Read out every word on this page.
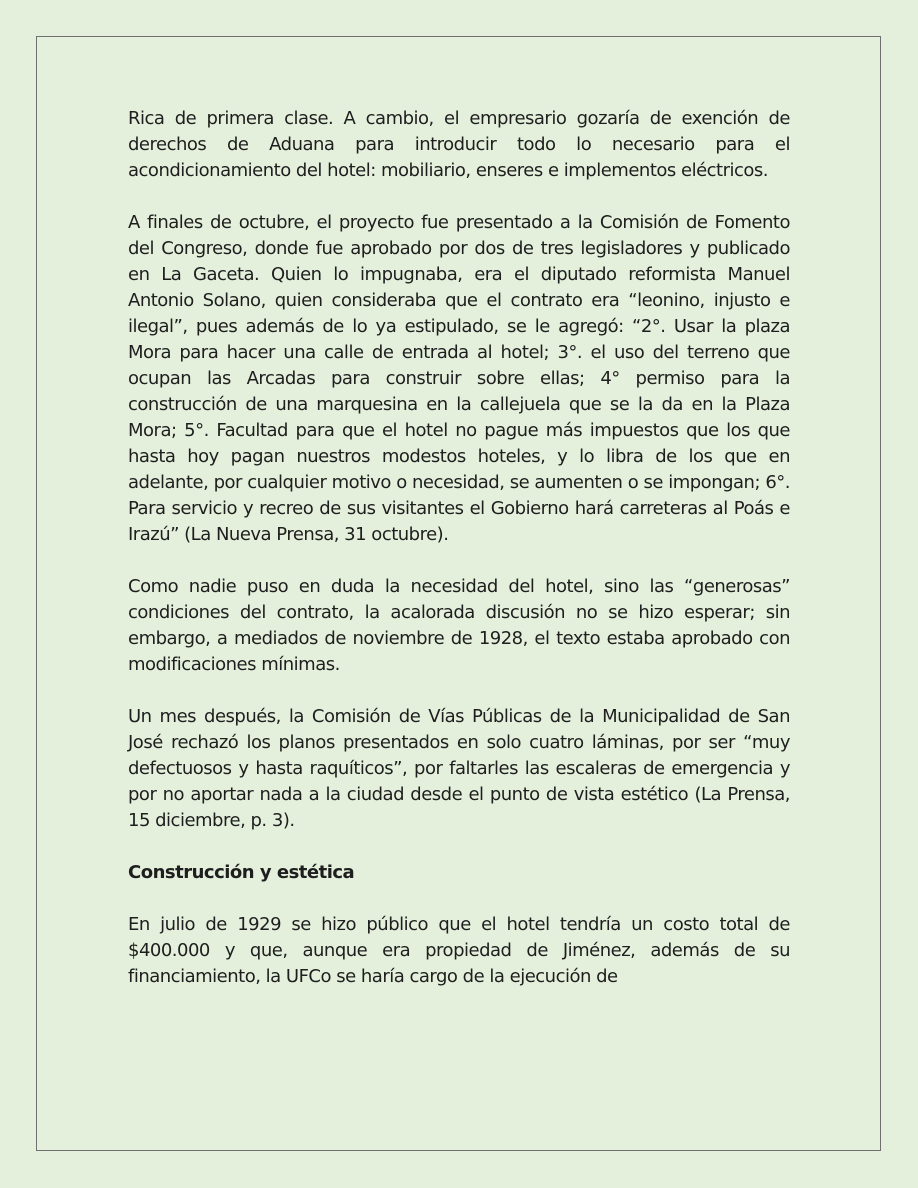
Rica de primera clase. A cambio, el empresario gozaría de exención de derechos de Aduana para introducir todo lo necesario para el acondicionamiento del hotel: mobiliario, enseres e implementos eléctricos.

A finales de octubre, el proyecto fue presentado a la Comisión de Fomento del Congreso, donde fue aprobado por dos de tres legisladores y publicado en La Gaceta. Quien lo impugnaba, era el diputado reformista Manuel Antonio Solano, quien consideraba que el contrato era “leonino, injusto e ilegal”, pues además de lo ya estipulado, se le agregó: “2°. Usar la plaza Mora para hacer una calle de entrada al hotel; 3°. el uso del terreno que ocupan las Arcadas para construir sobre ellas; 4° permiso para la construcción de una marquesina en la callejuela que se la da en la Plaza Mora; 5°. Facultad para que el hotel no pague más impuestos que los que hasta hoy pagan nuestros modestos hoteles, y lo libra de los que en adelante, por cualquier motivo o necesidad, se aumenten o se impongan; 6°. Para servicio y recreo de sus visitantes el Gobierno hará carreteras al Poás e Irazú” (La Nueva Prensa, 31 octubre).

Como nadie puso en duda la necesidad del hotel, sino las “generosas” condiciones del contrato, la acalorada discusión no se hizo esperar; sin embargo, a mediados de noviembre de 1928, el texto estaba aprobado con modificaciones mínimas.

Un mes después, la Comisión de Vías Públicas de la Municipalidad de San José rechazó los planos presentados en solo cuatro láminas, por ser “muy defectuosos y hasta raquíticos”, por faltarles las escaleras de emergencia y por no aportar nada a la ciudad desde el punto de vista estético (La Prensa, 15 diciembre, p. 3).

Construcción y estética

En julio de 1929 se hizo público que el hotel tendría un costo total de $400.000 y que, aunque era propiedad de Jiménez, además de su financiamiento, la UFCo se haría cargo de la ejecución de
